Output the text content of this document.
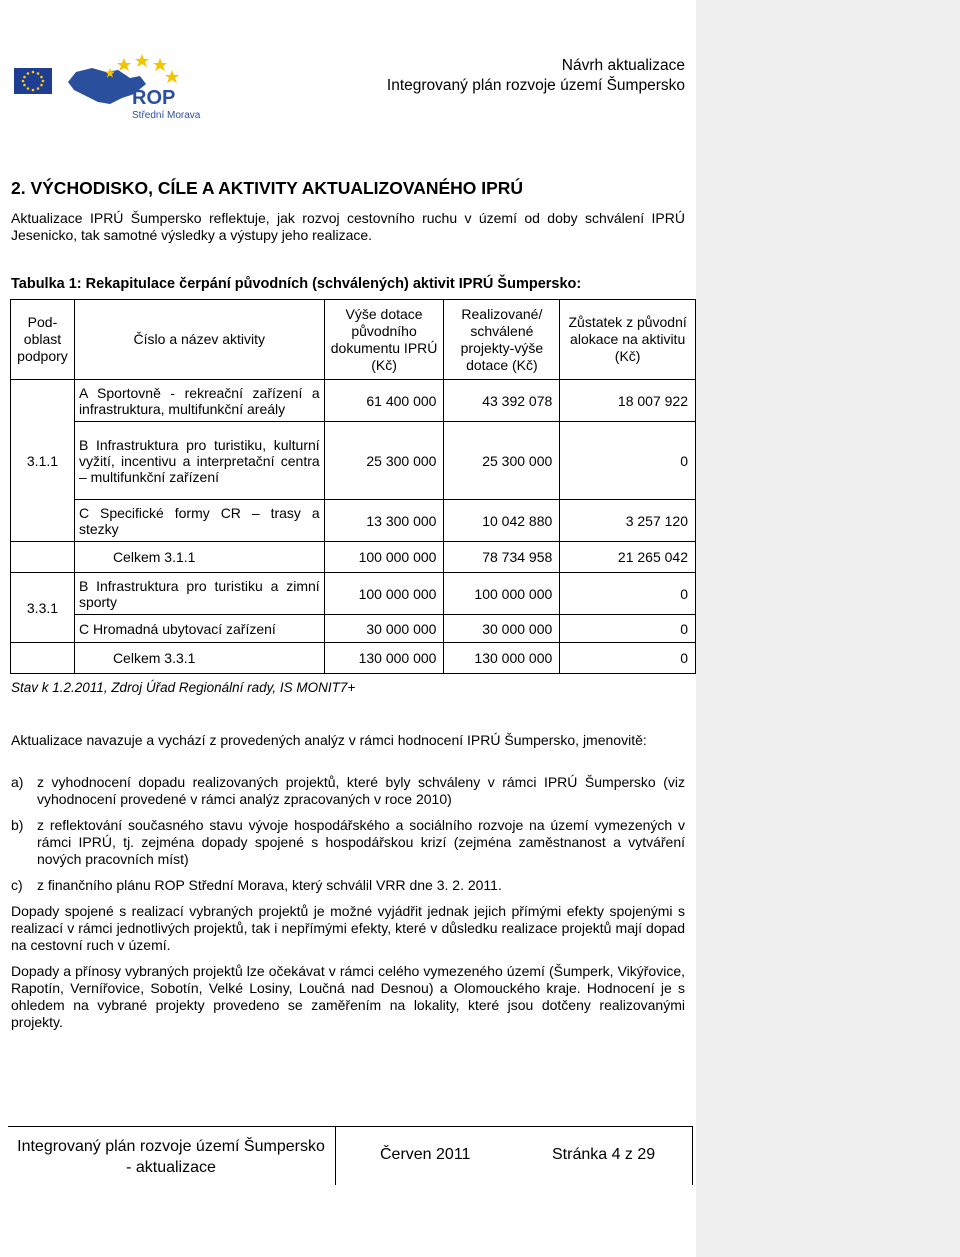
ROP
Střední Morava
Návrh aktualizace
Integrovaný plán rozvoje území Šumpersko
2. VÝCHODISKO, CÍLE A AKTIVITY AKTUALIZOVANÉHO IPRÚ
Aktualizace IPRÚ Šumpersko reflektuje, jak rozvoj cestovního ruchu v území od doby schválení IPRÚ Jesenicko, tak samotné výsledky a výstupy jeho realizace.
Tabulka 1: Rekapitulace čerpání původních (schválených) aktivit IPRÚ Šumpersko:
Pod-oblast podpory	Číslo a název aktivity	Výše dotace původního dokumentu IPRÚ (Kč)	Realizované/ schválené projekty-výše dotace (Kč)	Zůstatek z původní alokace na aktivitu (Kč)
3.1.1	A Sportovně - rekreační zařízení a infrastruktura, multifunkční areály	61 400 000	43 392 078	18 007 922
	B Infrastruktura pro turistiku, kulturní vyžití, incentivu a interpretační centra – multifunkční zařízení	25 300 000	25 300 000	0
	C Specifické formy CR – trasy a stezky	13 300 000	10 042 880	3 257 120
	Celkem 3.1.1	100 000 000	78 734 958	21 265 042
3.3.1	B Infrastruktura pro turistiku a zimní sporty	100 000 000	100 000 000	0
	C Hromadná ubytovací zařízení	30 000 000	30 000 000	0
	Celkem 3.3.1	130 000 000	130 000 000	0
Stav k 1.2.2011, Zdroj Úřad Regionální rady, IS MONIT7+
Aktualizace navazuje a vychází z provedených analýz v rámci hodnocení IPRÚ Šumpersko, jmenovitě:
a) z vyhodnocení dopadu realizovaných projektů, které byly schváleny v rámci IPRÚ Šumpersko (viz vyhodnocení provedené v rámci analýz zpracovaných v roce 2010)
b) z reflektování současného stavu vývoje hospodářského a sociálního rozvoje na území vymezených v rámci IPRÚ, tj. zejména dopady spojené s hospodářskou krizí (zejména zaměstnanost a vytváření nových pracovních míst)
c) z finančního plánu ROP Střední Morava, který schválil VRR dne 3. 2. 2011.
Dopady spojené s realizací vybraných projektů je možné vyjádřit jednak jejich přímými efekty spojenými s realizací v rámci jednotlivých projektů, tak i nepřímými efekty, které v důsledku realizace projektů mají dopad na cestovní ruch v území.
Dopady a přínosy vybraných projektů lze očekávat v rámci celého vymezeného území (Šumperk, Vikýřovice, Rapotín, Vernířovice, Sobotín, Velké Losiny, Loučná nad Desnou) a Olomouckého kraje. Hodnocení je s ohledem na vybrané projekty provedeno se zaměřením na lokality, které jsou dotčeny realizovanými projekty.
Integrovaný plán rozvoje území Šumpersko
- aktualizace
Červen 2011	Stránka 4 z 29
